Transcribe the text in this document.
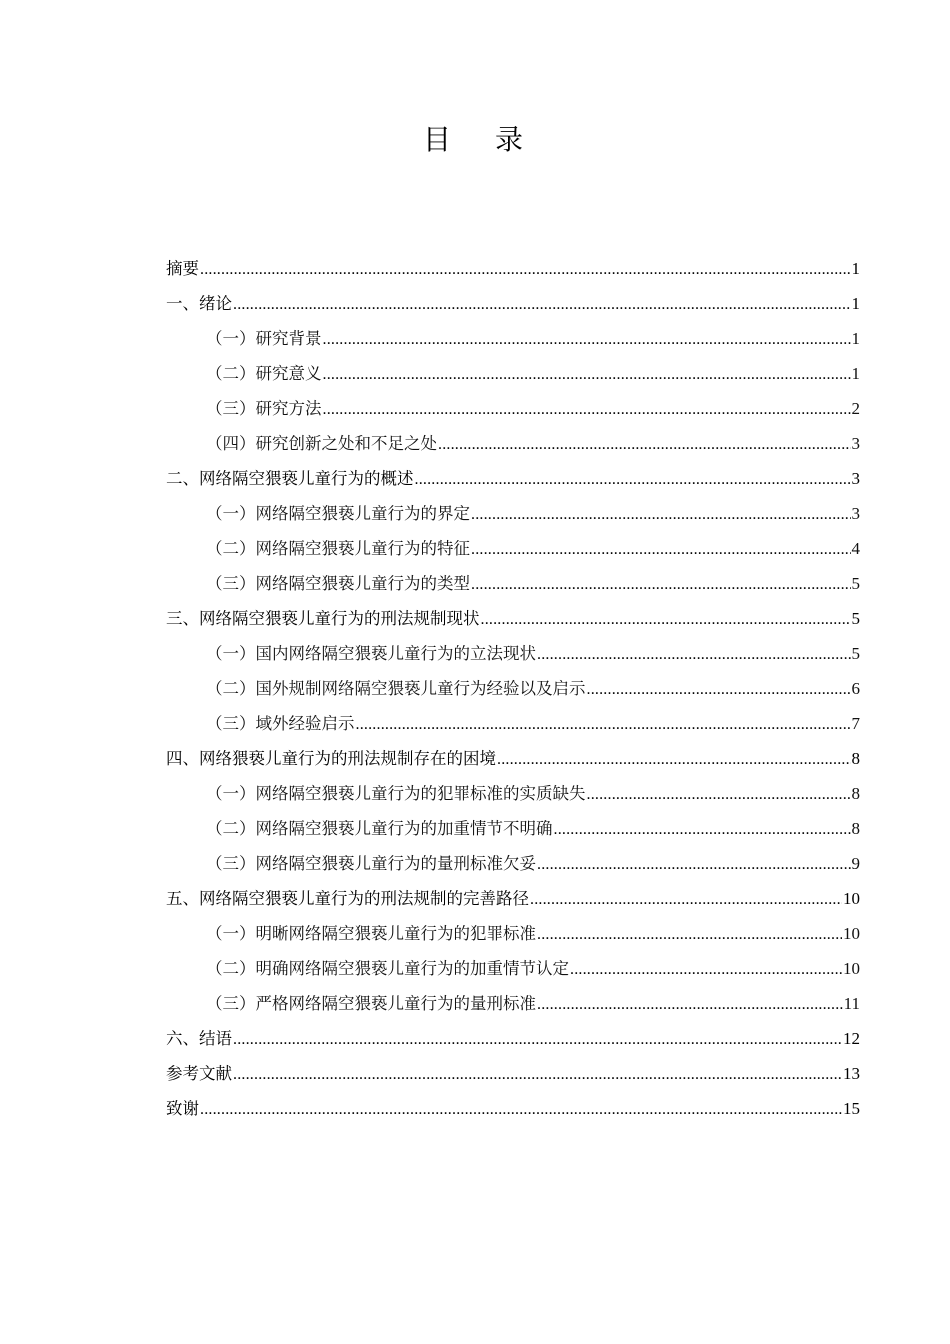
目录
摘要 .....	1
一、绪论 .....	1
（一）研究背景 .....	1
（二）研究意义 .....	1
（三）研究方法 .....	2
（四）研究创新之处和不足之处 .....	3
二、网络隔空猥亵儿童行为的概述 .....	3
（一）网络隔空猥亵儿童行为的界定 .....	3
（二）网络隔空猥亵儿童行为的特征 .....	4
（三）网络隔空猥亵儿童行为的类型 .....	5
三、网络隔空猥亵儿童行为的刑法规制现状 .....	5
（一）国内网络隔空猥亵儿童行为的立法现状 .....	5
（二）国外规制网络隔空猥亵儿童行为经验以及启示 .....	6
（三）域外经验启示 .....	7
四、网络猥亵儿童行为的刑法规制存在的困境 .....	8
（一）网络隔空猥亵儿童行为的犯罪标准的实质缺失 .....	8
（二）网络隔空猥亵儿童行为的加重情节不明确 .....	8
（三）网络隔空猥亵儿童行为的量刑标准欠妥 .....	9
五、网络隔空猥亵儿童行为的刑法规制的完善路径 .....	10
（一）明晰网络隔空猥亵儿童行为的犯罪标准 .....	10
（二）明确网络隔空猥亵儿童行为的加重情节认定 .....	10
（三）严格网络隔空猥亵儿童行为的量刑标准 .....	11
六、结语 .....	12
参考文献 .....	13
致谢 .....	15
